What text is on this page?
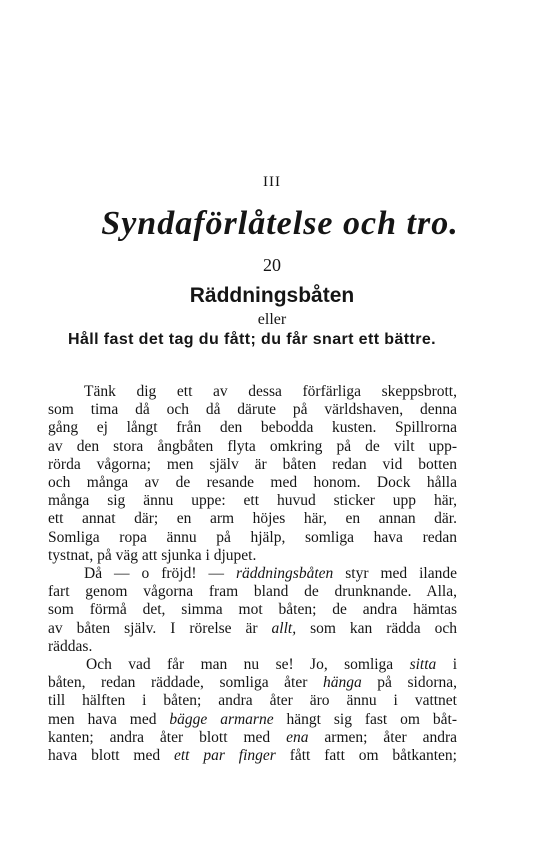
III
Syndaförlåtelse och tro.
20
Räddningsbåten
eller
Håll fast det tag du fått; du får snart ett bättre.
Tänk dig ett av dessa förfärliga skeppsbrott,
som tima då och då därute på världshaven, denna
gång ej långt från den bebodda kusten. Spillrorna
av den stora ångbåten flyta omkring på de vilt upp-
rörda vågorna; men själv är båten redan vid botten
och många av de resande med honom. Dock hålla
många sig ännu uppe: ett huvud sticker upp här,
ett annat där; en arm höjes här, en annan där.
Somliga ropa ännu på hjälp, somliga hava redan
tystnat, på väg att sjunka i djupet.
Då — o fröjd! — räddningsbåten styr med ilande
fart genom vågorna fram bland de drunknande. Alla,
som förmå det, simma mot båten; de andra hämtas
av båten själv. I rörelse är allt, som kan rädda och
räddas.
Och vad får man nu se! Jo, somliga sitta i
båten, redan räddade, somliga åter hänga på sidorna,
till hälften i båten; andra åter äro ännu i vattnet
men hava med bägge armarne hängt sig fast om båt-
kanten; andra åter blott med ena armen; åter andra
hava blott med ett par finger fått fatt om båtkanten;
